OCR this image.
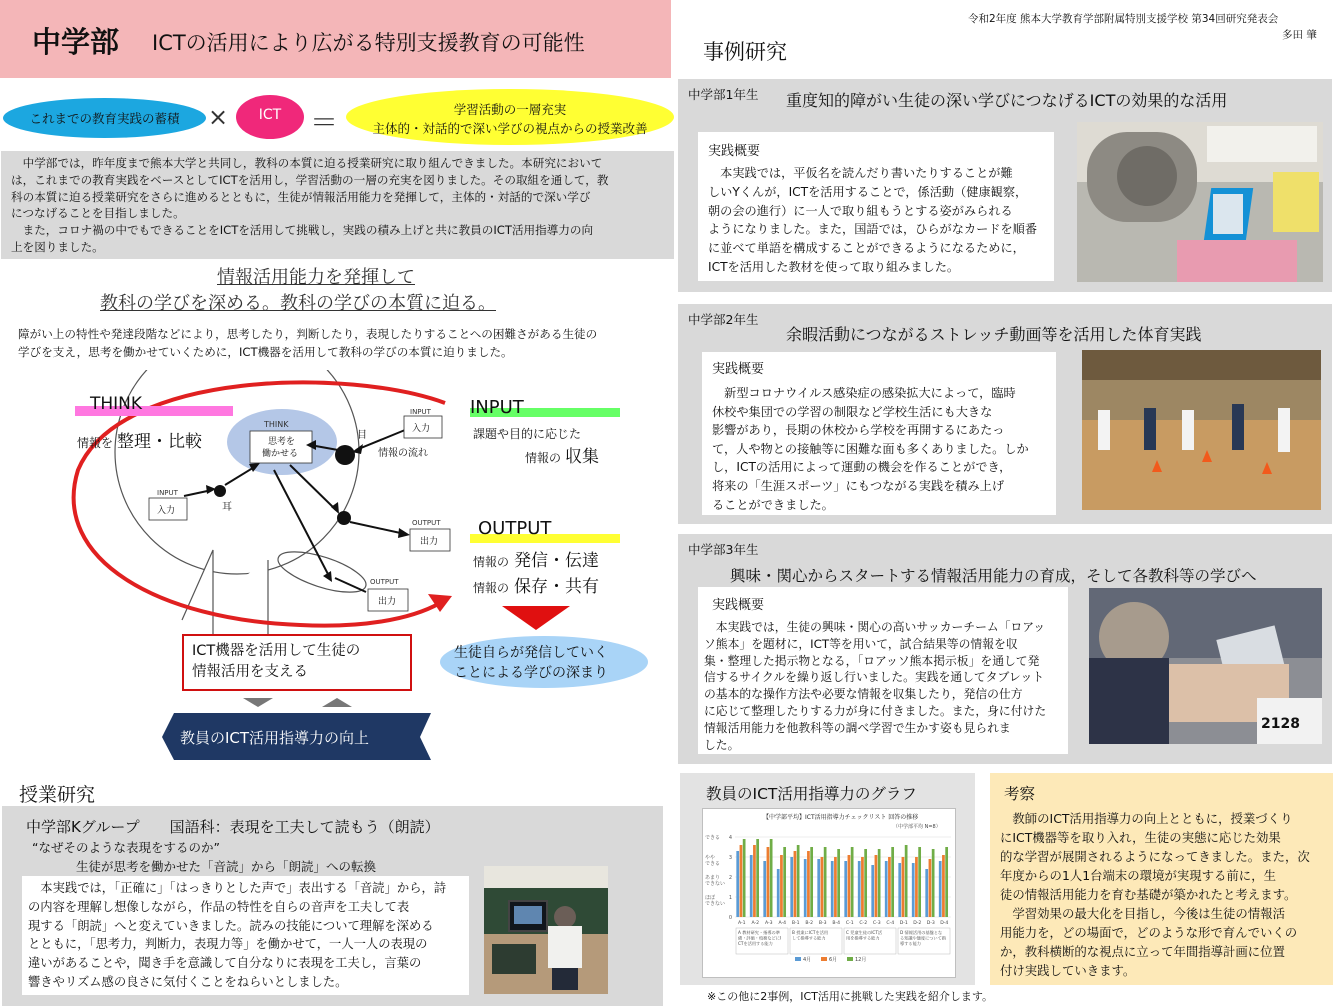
中学部 ICTの活用により広がる特別支援教育の可能性
これまでの教育実践の蓄積	×	ICT	＝	学習活動の一層充実
主体的・対話的で深い学びの視点からの授業改善
　中学部では，昨年度まで熊本大学と共同し，教科の本質に迫る授業研究に取り組んできました。本研究において
は，これまでの教育実践をベースとしてICTを活用し，学習活動の一層の充実を図りました。その取組を通して，教
科の本質に迫る授業研究をさらに進めるとともに，生徒が情報活用能力を発揮して，主体的・対話的で深い学び
につなげることを目指しました。
　また，コロナ禍の中でもできることをICTを活用して挑戦し，実践の積み上げと共に教員のICT活用指導力の向
上を図りました。
情報活用能力を発揮して
教科の学びを深める。教科の学びの本質に迫る。
障がい上の特性や発達段階などにより，思考したり，判断したり，表現したりすることへの困難さがある生徒の
学びを支え，思考を働かせていくために，ICT機器を活用して教科の学びの本質に迫りました。
THINK
情報を 整理・比較
INPUT
課題や目的に応じた
情報の 収集
OUTPUT
情報の 発信・伝達
情報の 保存・共有
THINK
思考を
働かせる
目
耳
情報の流れ
INPUT
INPUT
OUTPUT
OUTPUT
入力
入力
出力
出力
生徒自らが発信していく
ことによる学びの深まり
教員のICT活用指導力の向上
ICT機器を活用して生徒の
情報活用を支える
授業研究
中学部Kグループ　　国語科：表現を工夫して読もう（朗読）
“なぜそのような表現をするのか”
生徒が思考を働かせた「音読」から「朗読」への転換
　本実践では，「正確に」「はっきりとした声で」表出する「音読」から，詩
の内容を理解し想像しながら，作品の特性を自らの音声を工夫して表
現する「朗読」へと変えていきました。読みの技能について理解を深める
とともに，「思考力，判断力，表現力等」を働かせて，一人一人の表現の
違いがあることや，聞き手を意識して自分なりに表現を工夫し，言葉の
響きやリズム感の良さに気付くことをねらいとしました。
令和2年度 熊本大学教育学部附属特別支援学校 第34回研究発表会
多田 肇
事例研究
中学部1年生 重度知的障がい生徒の深い学びにつなげるICTの効果的な活用
実践概要
　本実践では，平仮名を読んだり書いたりすることが難
しいYくんが，ICTを活用することで，係活動（健康観察，
朝の会の進行）に一人で取り組もうとする姿がみられる
ようになりました。また，国語では，ひらがなカードを順番
に並べて単語を構成することができるようになるために，
ICTを活用した教材を使って取り組みました。
中学部2年生
余暇活動につながるストレッチ動画等を活用した体育実践
実践概要
　新型コロナウイルス感染症の感染拡大によって，臨時
休校や集団での学習の制限など学校生活にも大きな
影響があり，長期の休校から学校を再開するにあたっ
て，人や物との接触等に困難な面も多くありました。しか
し，ICTの活用によって運動の機会を作ることができ，
将来の「生涯スポーツ」にもつながる実践を積み上げ
ることができました。
中学部3年生
興味・関心からスタートする情報活用能力の育成，そして各教科等の学びへ
実践概要
　本実践では，生徒の興味・関心の高いサッカーチーム「ロアッ
ソ熊本」を題材に，ICT等を用いて，試合結果等の情報を収
集・整理した掲示物となる，「ロアッソ熊本掲示板」を通して発
信するサイクルを繰り返し行いました。実践を通してタブレット
の基本的な操作方法や必要な情報を収集したり，発信の仕方
に応じて整理したりする力が身に付きました。また，身に付けた
情報活用能力を他教科等の調べ学習で生かす姿も見られま
した。
2128
教員のICT活用指導力のグラフ
【中学部平均】ICT活用指導力チェックリスト 回答の推移
（中学部平均 N=8）
0
1
2
3
4
できる
やや
できる
あまり
できない
ほぼ
できない
A-1 A-2 A-3 A-4 B-1 B-2 B-3 B-4 C-1 C-2 C-3 C-4 D-1 D-2 D-3 D-4
A 教材研究・指導の準
備・評価・校務などにI
CTを活用する能力
B 授業にICTを活用
して指導する能力
C 児童生徒のICT活
用を指導する能力
D 情報活用の基盤とな
る知識や態度について指
導する能力
4月	6月	12月
考察
　教師のICT活用指導力の向上とともに，授業づくり
にICT機器等を取り入れ，生徒の実態に応じた効果
的な学習が展開されるようになってきました。また，次
年度からの1人1台端末の環境が実現する前に，生
徒の情報活用能力を育む基礎が築かれたと考えます。
　学習効果の最大化を目指し，今後は生徒の情報活
用能力を，どの場面で，どのような形で育んでいくの
か，教科横断的な視点に立って年間指導計画に位置
付け実践していきます。
※この他に2事例，ICT活用に挑戦した実践を紹介します。
